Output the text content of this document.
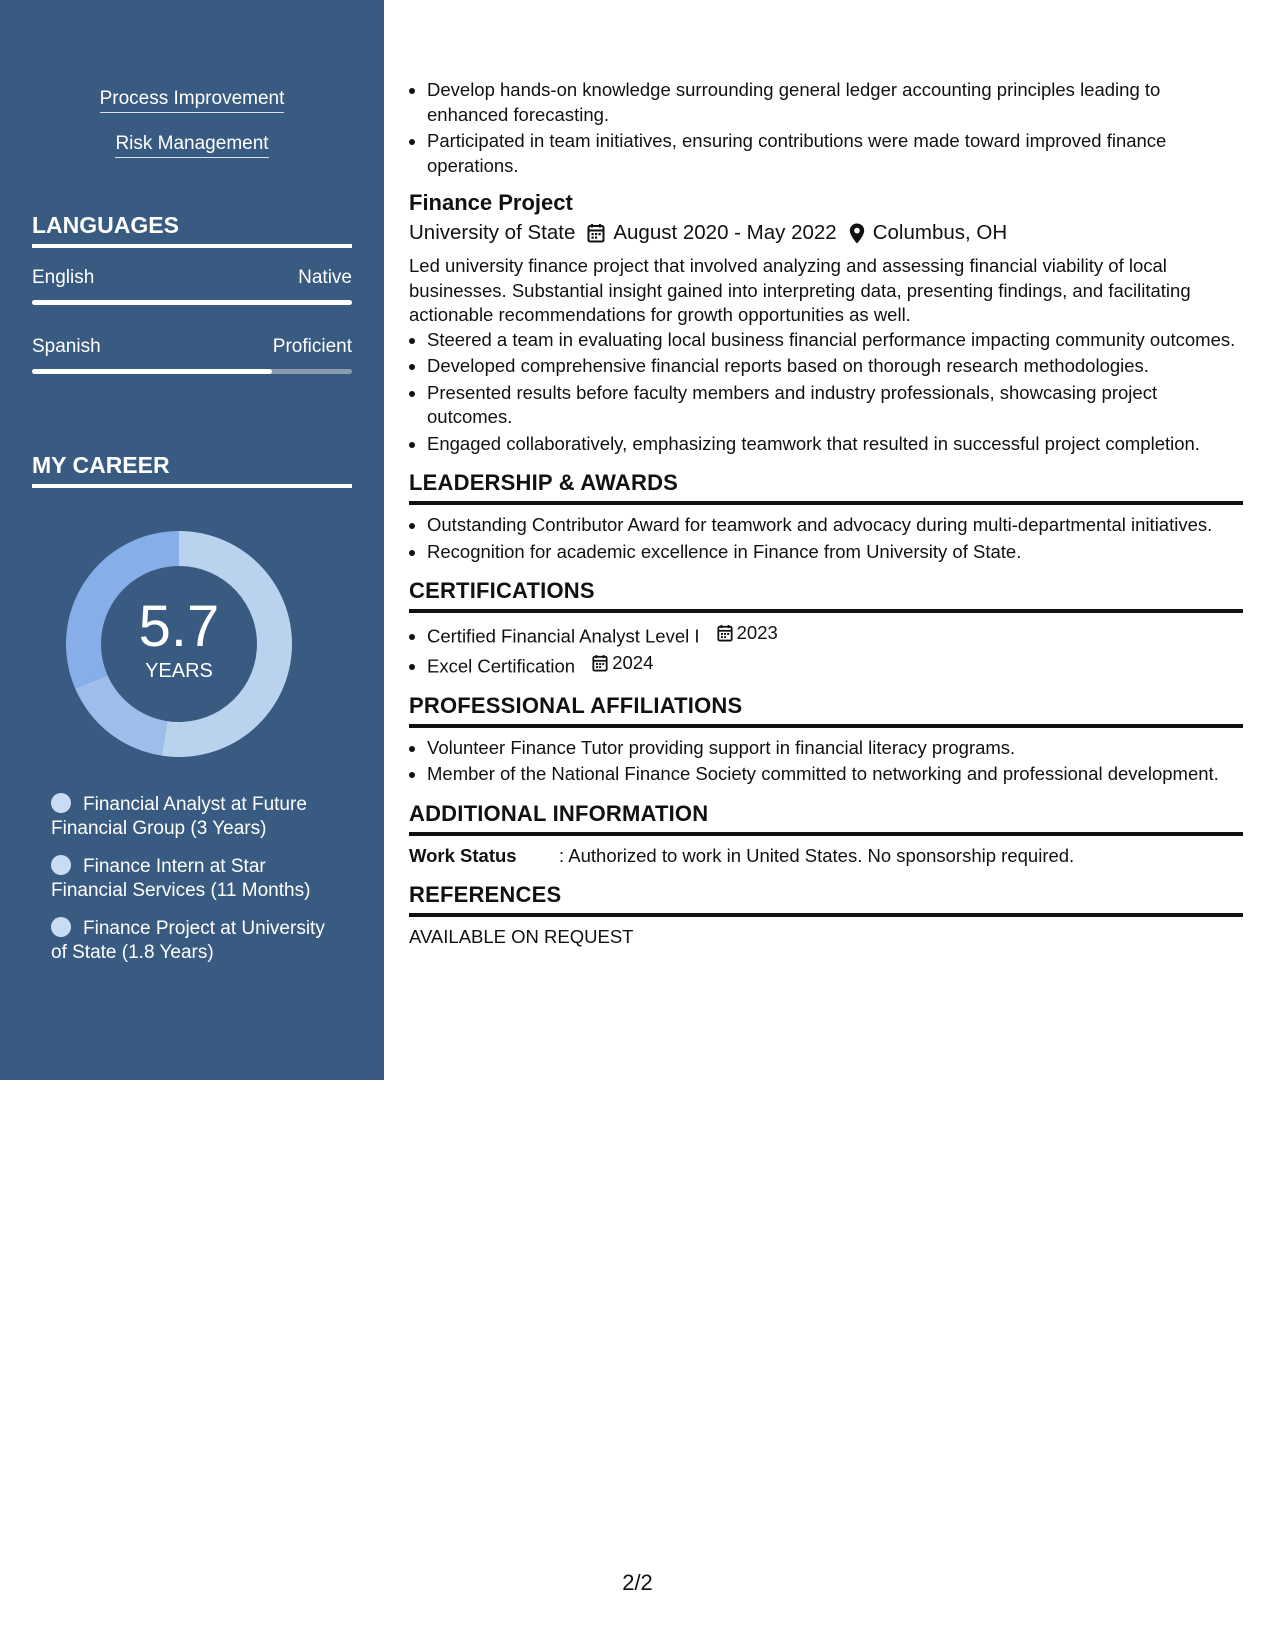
Process Improvement
Risk Management
LANGUAGES
English	Native
Spanish	Proficient
MY CAREER
5.7
YEARS
Financial Analyst at Future Financial Group (3 Years)
Finance Intern at Star Financial Services (11 Months)
Finance Project at University of State (1.8 Years)
• Develop hands-on knowledge surrounding general ledger accounting principles leading to enhanced forecasting.
• Participated in team initiatives, ensuring contributions were made toward improved finance operations.
Finance Project
University of State August 2020 - May 2022 Columbus, OH
Led university finance project that involved analyzing and assessing financial viability of local businesses. Substantial insight gained into interpreting data, presenting findings, and facilitating actionable recommendations for growth opportunities as well.
• Steered a team in evaluating local business financial performance impacting community outcomes.
• Developed comprehensive financial reports based on thorough research methodologies.
• Presented results before faculty members and industry professionals, showcasing project outcomes.
• Engaged collaboratively, emphasizing teamwork that resulted in successful project completion.
LEADERSHIP & AWARDS
• Outstanding Contributor Award for teamwork and advocacy during multi-departmental initiatives.
• Recognition for academic excellence in Finance from University of State.
CERTIFICATIONS
• Certified Financial Analyst Level I 2023
• Excel Certification 2024
PROFESSIONAL AFFILIATIONS
• Volunteer Finance Tutor providing support in financial literacy programs.
• Member of the National Finance Society committed to networking and professional development.
ADDITIONAL INFORMATION
Work Status	: Authorized to work in United States. No sponsorship required.
REFERENCES
AVAILABLE ON REQUEST
2/2
